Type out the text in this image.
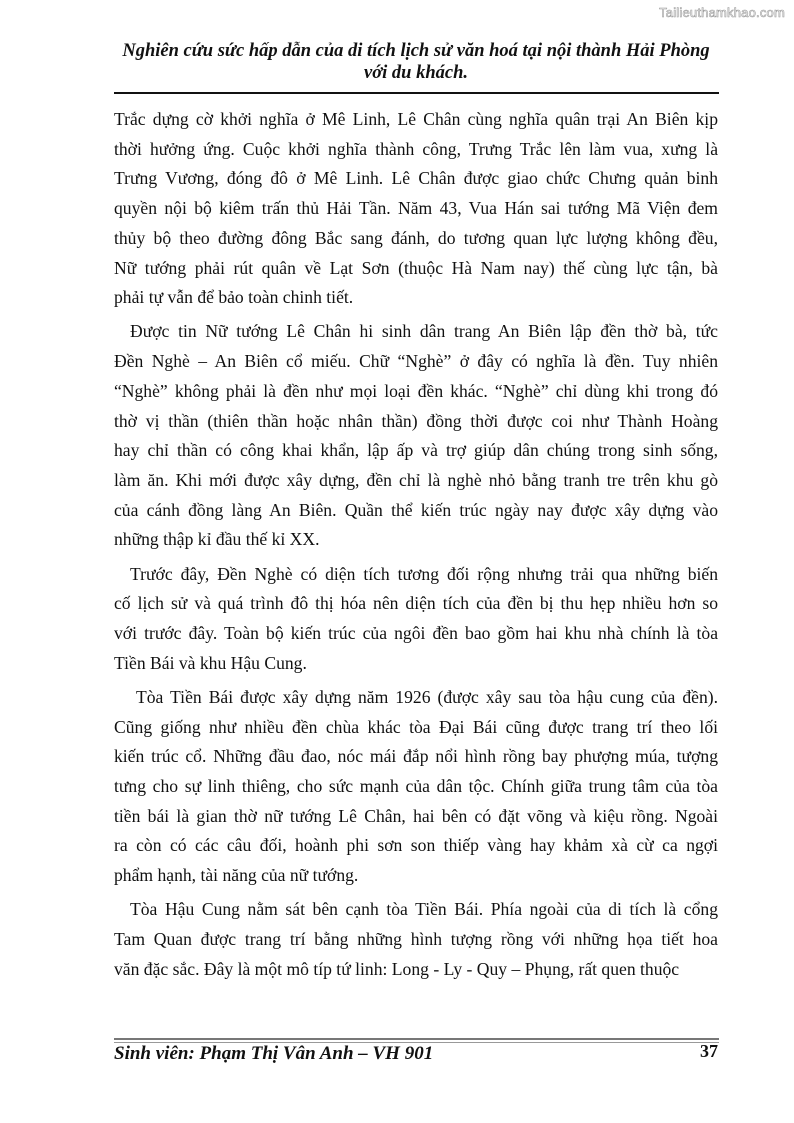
Tailieuthamkhao.com
Nghiên cứu sức hấp dẫn của di tích lịch sử văn hoá tại nội thành Hải Phòng
với du khách.
Trắc dựng cờ khởi nghĩa ở Mê Linh, Lê Chân cùng nghĩa quân trại An Biên kịp
thời hưởng ứng. Cuộc khởi nghĩa thành công, Trưng Trắc lên làm vua, xưng là
Trưng Vương, đóng đô ở Mê Linh. Lê Chân được giao chức Chưng quản binh
quyền nội bộ kiêm trấn thủ Hải Tần. Năm 43, Vua Hán sai tướng Mã Viện đem
thủy bộ theo đường đông Bắc sang đánh, do tương quan lực lượng không đều,
Nữ tướng phải rút quân về Lạt Sơn (thuộc Hà Nam nay) thế cùng lực tận, bà
phải tự vẫn để bảo toàn chinh tiết.
Được tin Nữ tướng Lê Chân hi sinh dân trang An Biên lập đền thờ bà, tức
Đền Nghè – An Biên cổ miếu. Chữ “Nghè” ở đây có nghĩa là đền. Tuy nhiên
“Nghè” không phải là đền như mọi loại đền khác. “Nghè” chỉ dùng khi trong đó
thờ vị thần (thiên thần hoặc nhân thần) đồng thời được coi như Thành Hoàng
hay chỉ thần có công khai khẩn, lập ấp và trợ giúp dân chúng trong sinh sống,
làm ăn. Khi mới được xây dựng, đền chỉ là nghè nhỏ bằng tranh tre trên khu gò
của cánh đồng làng An Biên. Quần thể kiến trúc ngày nay được xây dựng vào
những thập kỉ đầu thế kỉ XX.
Trước đây, Đền Nghè có diện tích tương đối rộng nhưng trải qua những biến
cố lịch sử và quá trình đô thị hóa nên diện tích của đền bị thu hẹp nhiều hơn so
với trước đây. Toàn bộ kiến trúc của ngôi đền bao gồm hai khu nhà chính là tòa
Tiền Bái và khu Hậu Cung.
Tòa Tiền Bái được xây dựng năm 1926 (được xây sau tòa hậu cung của đền).
Cũng giống như nhiều đền chùa khác tòa Đại Bái cũng được trang trí theo lối
kiến trúc cổ. Những đầu đao, nóc mái đắp nổi hình rồng bay phượng múa, tượng
tưng cho sự linh thiêng, cho sức mạnh của dân tộc. Chính giữa trung tâm của tòa
tiền bái là gian thờ nữ tướng Lê Chân, hai bên có đặt võng và kiệu rồng. Ngoài
ra còn có các câu đối, hoành phi sơn son thiếp vàng hay khảm xà cừ ca ngợi
phẩm hạnh, tài năng của nữ tướng.
Tòa Hậu Cung nằm sát bên cạnh tòa Tiền Bái. Phía ngoài của di tích là cổng
Tam Quan được trang trí bằng những hình tượng rồng với những họa tiết hoa
văn đặc sắc. Đây là một mô típ tứ linh: Long - Ly - Quy – Phụng, rất quen thuộc
Sinh viên: Phạm Thị Vân Anh – VH 901	37
